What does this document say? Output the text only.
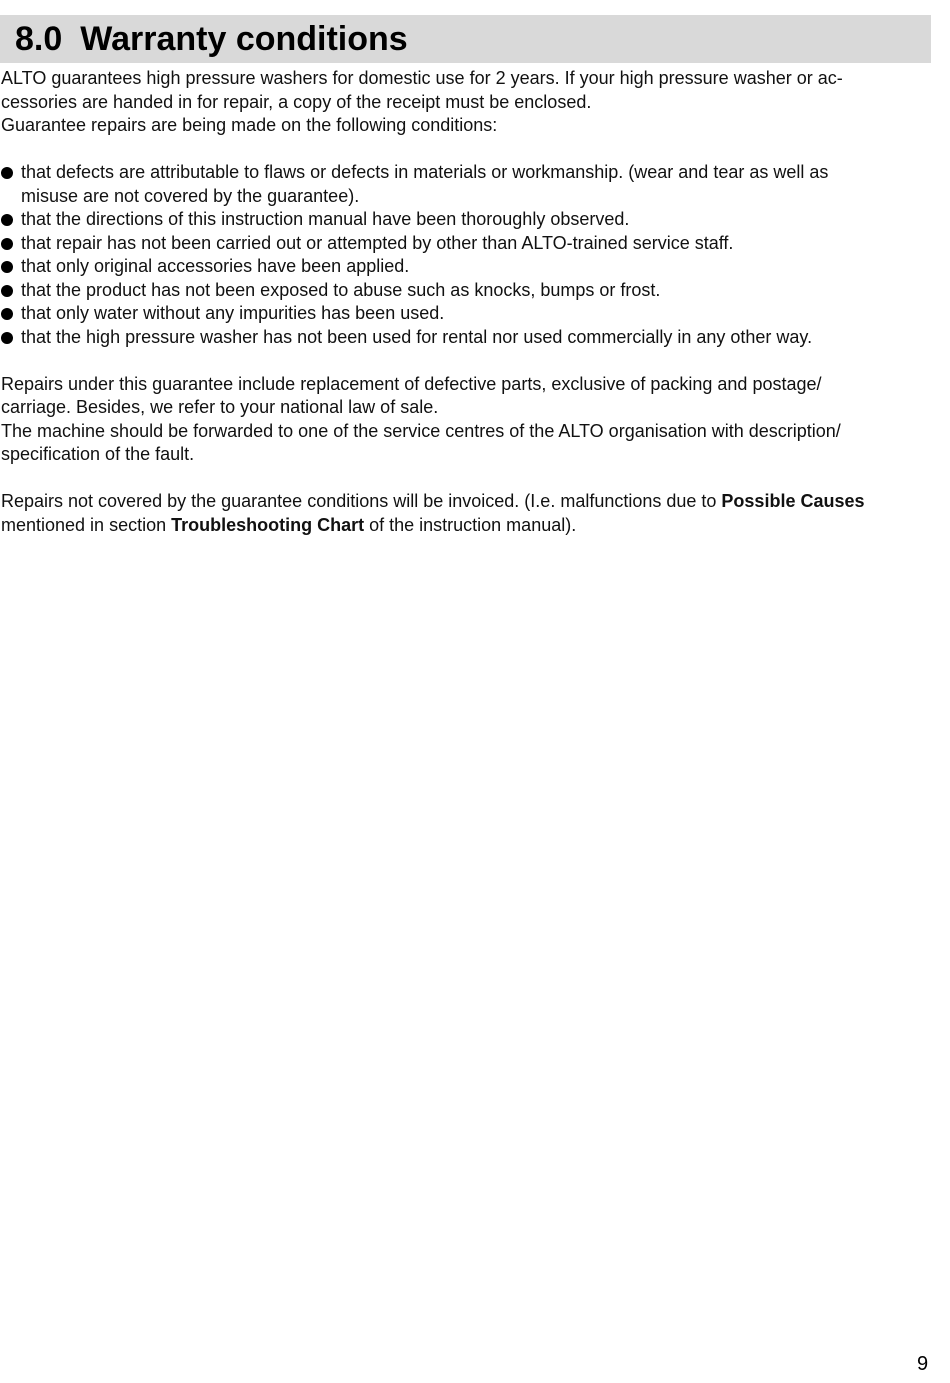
8.0 Warranty conditions

ALTO guarantees high pressure washers for domestic use for 2 years. If your high pressure washer or ac-
cessories are handed in for repair, a copy of the receipt must be enclosed.
Guarantee repairs are being made on the following conditions:

that defects are attributable to flaws or defects in materials or workmanship. (wear and tear as well as
misuse are not covered by the guarantee).
that the directions of this instruction manual have been thoroughly observed.
that repair has not been carried out or attempted by other than ALTO-trained service staff.
that only original accessories have been applied.
that the product has not been exposed to abuse such as knocks, bumps or frost.
that only water without any impurities has been used.
that the high pressure washer has not been used for rental nor used commercially in any other way.

Repairs under this guarantee include replacement of defective parts, exclusive of packing and postage/
carriage. Besides, we refer to your national law of sale.
The machine should be forwarded to one of the service centres of the ALTO organisation with description/
specification of the fault.

Repairs not covered by the guarantee conditions will be invoiced. (I.e. malfunctions due to Possible Causes
mentioned in section Troubleshooting Chart of the instruction manual).

9
